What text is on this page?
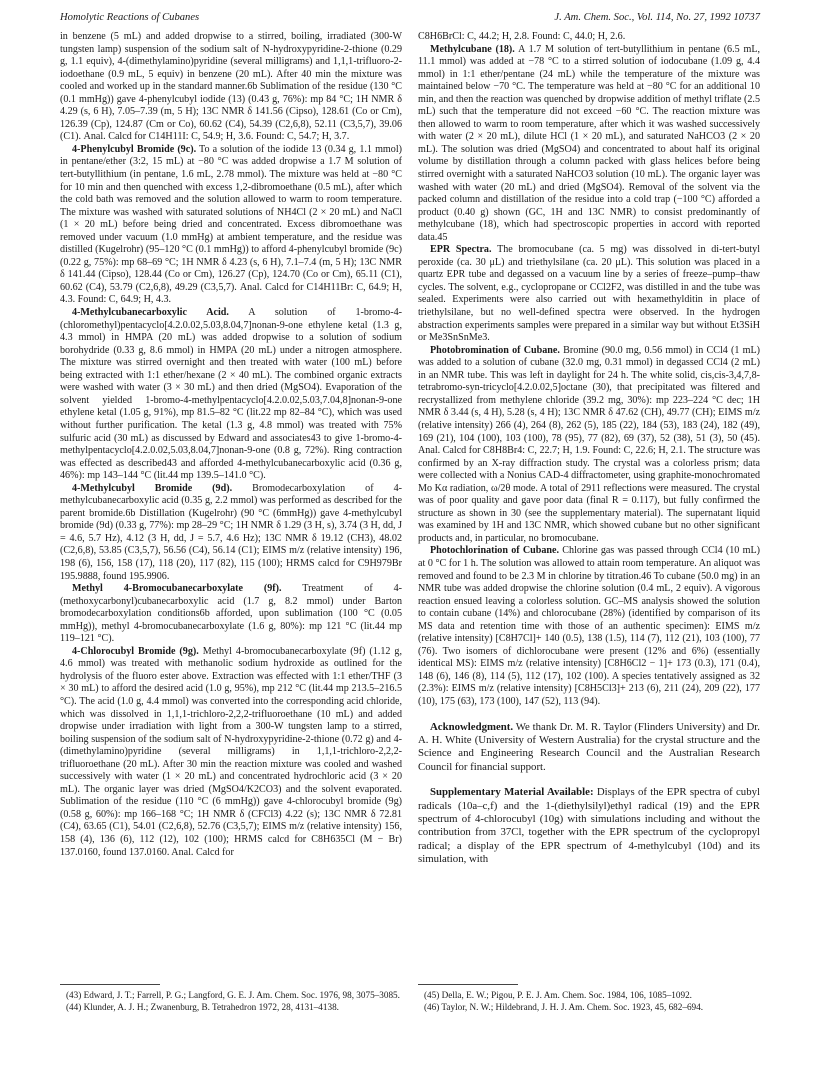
Homolytic Reactions of Cubanes	J. Am. Chem. Soc., Vol. 114, No. 27, 1992 10737

in benzene (5 mL) and added dropwise to a stirred, boiling, irradiated (300-W tungsten lamp) suspension of the sodium salt of N-hydroxypyridine-2-thione (0.29 g, 1.1 equiv), 4-(dimethylamino)pyridine (several milligrams) and 1,1,1-trifluoro-2-iodoethane (0.9 mL, 5 equiv) in benzene (20 mL). After 40 min the mixture was cooled and worked up in the standard manner.6b Sublimation of the residue (130 °C (0.1 mmHg)) gave 4-phenylcubyl iodide (13) (0.43 g, 76%): mp 84 °C; 1H NMR δ 4.29 (s, 6 H), 7.05–7.39 (m, 5 H); 13C NMR δ 141.56 (Cipso), 128.61 (Co or Cm), 126.39 (Cp), 124.87 (Cm or Co), 60.62 (C4), 54.39 (C2,6,8), 52.11 (C3,5,7), 39.06 (C1). Anal. Calcd for C14H11I: C, 54.9; H, 3.6. Found: C, 54.7; H, 3.7.

4-Phenylcubyl Bromide (9c). To a solution of the iodide 13 (0.34 g, 1.1 mmol) in pentane/ether (3:2, 15 mL) at −80 °C was added dropwise a 1.7 M solution of tert-butyllithium (in pentane, 1.6 mL, 2.78 mmol). The mixture was held at −80 °C for 10 min and then quenched with excess 1,2-dibromoethane (0.5 mL), after which the cold bath was removed and the solution allowed to warm to room temperature. The mixture was washed with saturated solutions of NH4Cl (2 × 20 mL) and NaCl (1 × 20 mL) before being dried and concentrated. Excess dibromoethane was removed under vacuum (1.0 mmHg) at ambient temperature, and the residue was distilled (Kugelrohr) (95–120 °C (0.1 mmHg)) to afford 4-phenylcubyl bromide (9c) (0.22 g, 75%): mp 68–69 °C; 1H NMR δ 4.23 (s, 6 H), 7.1–7.4 (m, 5 H); 13C NMR δ 141.44 (Cipso), 128.44 (Co or Cm), 126.27 (Cp), 124.70 (Co or Cm), 65.11 (C1), 60.62 (C4), 53.79 (C2,6,8), 49.29 (C3,5,7). Anal. Calcd for C14H11Br: C, 64.9; H, 4.3. Found: C, 64.9; H, 4.3.

4-Methylcubanecarboxylic Acid. A solution of 1-bromo-4-(chloromethyl)pentacyclo[4.2.0.02,5.03,8.04,7]nonan-9-one ethylene ketal (1.3 g, 4.3 mmol) in HMPA (20 mL) was added dropwise to a solution of sodium borohydride (0.33 g, 8.6 mmol) in HMPA (20 mL) under a nitrogen atmosphere. The mixture was stirred overnight and then treated with water (100 mL) before being extracted with 1:1 ether/hexane (2 × 40 mL). The combined organic extracts were washed with water (3 × 30 mL) and then dried (MgSO4). Evaporation of the solvent yielded 1-bromo-4-methylpentacyclo[4.2.0.02,5.03,7.04,8]nonan-9-one ethylene ketal (1.05 g, 91%), mp 81.5–82 °C (lit.22 mp 82–84 °C), which was used without further purification. The ketal (1.3 g, 4.8 mmol) was treated with 75% sulfuric acid (30 mL) as discussed by Edward and associates43 to give 1-bromo-4-methylpentacyclo[4.2.0.02,5.03,8.04,7]nonan-9-one (0.8 g, 72%). Ring contraction was effected as described43 and afforded 4-methylcubanecarboxylic acid (0.36 g, 46%): mp 143–144 °C (lit.44 mp 139.5–141.0 °C).

4-Methylcubyl Bromide (9d). Bromodecarboxylation of 4-methylcubanecarboxylic acid (0.35 g, 2.2 mmol) was performed as described for the parent bromide.6b Distillation (Kugelrohr) (90 °C (6mmHg)) gave 4-methylcubyl bromide (9d) (0.33 g, 77%): mp 28–29 °C; 1H NMR δ 1.29 (3 H, s), 3.74 (3 H, dd, J = 4.6, 5.7 Hz), 4.12 (3 H, dd, J = 5.7, 4.6 Hz); 13C NMR δ 19.12 (CH3), 48.02 (C2,6,8), 53.85 (C3,5,7), 56.56 (C4), 56.14 (C1); EIMS m/z (relative intensity) 196, 198 (6), 156, 158 (17), 118 (20), 117 (82), 115 (100); HRMS calcd for C9H979Br 195.9888, found 195.9906.

Methyl 4-Bromocubanecarboxylate (9f). Treatment of 4-(methoxycarbonyl)cubanecarboxylic acid (1.7 g, 8.2 mmol) under Barton bromodecarboxylation conditions6b afforded, upon sublimation (100 °C (0.05 mmHg)), methyl 4-bromocubanecarboxylate (1.6 g, 80%): mp 121 °C (lit.44 mp 119–121 °C).

4-Chlorocubyl Bromide (9g). Methyl 4-bromocubanecarboxylate (9f) (1.12 g, 4.6 mmol) was treated with methanolic sodium hydroxide as outlined for the hydrolysis of the fluoro ester above. Extraction was effected with 1:1 ether/THF (3 × 30 mL) to afford the desired acid (1.0 g, 95%), mp 212 °C (lit.44 mp 213.5–216.5 °C). The acid (1.0 g, 4.4 mmol) was converted into the corresponding acid chloride, which was dissolved in 1,1,1-trichloro-2,2,2-trifluoroethane (10 mL) and added dropwise under irradiation with light from a 300-W tungsten lamp to a stirred, boiling suspension of the sodium salt of N-hydroxypyridine-2-thione (0.72 g) and 4-(dimethylamino)pyridine (several milligrams) in 1,1,1-trichloro-2,2,2-trifluoroethane (20 mL). After 30 min the reaction mixture was cooled and washed successively with water (1 × 20 mL) and concentrated hydrochloric acid (3 × 20 mL). The organic layer was dried (MgSO4/K2CO3) and the solvent evaporated. Sublimation of the residue (110 °C (6 mmHg)) gave 4-chlorocubyl bromide (9g) (0.58 g, 60%): mp 166–168 °C; 1H NMR δ (CFCl3) 4.22 (s); 13C NMR δ 72.81 (C4), 63.65 (C1), 54.01 (C2,6,8), 52.76 (C3,5,7); EIMS m/z (relative intensity) 156, 158 (4), 136 (6), 112 (12), 102 (100); HRMS calcd for C8H635Cl (M − Br) 137.0160, found 137.0160. Anal. Calcd for

C8H6BrCl: C, 44.2; H, 2.8. Found: C, 44.0; H, 2.6.

Methylcubane (18). A 1.7 M solution of tert-butyllithium in pentane (6.5 mL, 11.1 mmol) was added at −78 °C to a stirred solution of iodocubane (1.09 g, 4.4 mmol) in 1:1 ether/pentane (24 mL) while the temperature of the mixture was maintained below −70 °C. The temperature was held at −80 °C for an additional 10 min, and then the reaction was quenched by dropwise addition of methyl triflate (2.5 mL) such that the temperature did not exceed −60 °C. The reaction mixture was then allowed to warm to room temperature, after which it was washed successively with water (2 × 20 mL), dilute HCl (1 × 20 mL), and saturated NaHCO3 (2 × 20 mL). The solution was dried (MgSO4) and concentrated to about half its original volume by distillation through a column packed with glass helices before being stirred overnight with a saturated NaHCO3 solution (10 mL). The organic layer was washed with water (20 mL) and dried (MgSO4). Removal of the solvent via the packed column and distillation of the residue into a cold trap (−100 °C) afforded a product (0.40 g) shown (GC, 1H and 13C NMR) to consist predominantly of methylcubane (18), which had spectroscopic properties in accord with reported data.45

EPR Spectra. The bromocubane (ca. 5 mg) was dissolved in di-tert-butyl peroxide (ca. 30 μL) and triethylsilane (ca. 20 μL). This solution was placed in a quartz EPR tube and degassed on a vacuum line by a series of freeze–pump–thaw cycles. The solvent, e.g., cyclopropane or CCl2F2, was distilled in and the tube was sealed. Experiments were also carried out with hexamethylditin in place of triethylsilane, but no well-defined spectra were observed. In the hydrogen abstraction experiments samples were prepared in a similar way but without Et3SiH or Me3SnSnMe3.

Photobromination of Cubane. Bromine (90.0 mg, 0.56 mmol) in CCl4 (1 mL) was added to a solution of cubane (32.0 mg, 0.31 mmol) in degassed CCl4 (2 mL) in an NMR tube. This was left in daylight for 24 h. The white solid, cis,cis-3,4,7,8-tetrabromo-syn-tricyclo[4.2.0.02,5]octane (30), that precipitated was filtered and recrystallized from methylene chloride (39.2 mg, 30%): mp 223–224 °C dec; 1H NMR δ 3.44 (s, 4 H), 5.28 (s, 4 H); 13C NMR δ 47.62 (CH), 49.77 (CH); EIMS m/z (relative intensity) 266 (4), 264 (8), 262 (5), 185 (22), 184 (53), 183 (24), 182 (49), 169 (21), 104 (100), 103 (100), 78 (95), 77 (82), 69 (37), 52 (38), 51 (3), 50 (45). Anal. Calcd for C8H8Br4: C, 22.7; H, 1.9. Found: C, 22.6; H, 2.1. The structure was confirmed by an X-ray diffraction study. The crystal was a colorless prism; data were collected with a Nonius CAD-4 diffractometer, using graphite-monochromated Mo Kα radiation, ω/2θ mode. A total of 2911 reflections were measured. The crystal was of poor quality and gave poor data (final R = 0.117), but fully confirmed the structure as shown in 30 (see the supplementary material). The supernatant liquid was examined by 1H and 13C NMR, which showed cubane but no other significant products and, in particular, no bromocubane.

Photochlorination of Cubane. Chlorine gas was passed through CCl4 (10 mL) at 0 °C for 1 h. The solution was allowed to attain room temperature. An aliquot was removed and found to be 2.3 M in chlorine by titration.46 To cubane (50.0 mg) in an NMR tube was added dropwise the chlorine solution (0.4 mL, 2 equiv). A vigorous reaction ensued leaving a colorless solution. GC–MS analysis showed the solution to contain cubane (14%) and chlorocubane (28%) (identified by comparison of its MS data and retention time with those of an authentic specimen): EIMS m/z (relative intensity) [C8H7Cl]+ 140 (0.5), 138 (1.5), 114 (7), 112 (21), 103 (100), 77 (76). Two isomers of dichlorocubane were present (12% and 6%) (essentially identical MS): EIMS m/z (relative intensity) [C8H6Cl2 − 1]+ 173 (0.3), 171 (0.4), 148 (6), 146 (8), 114 (5), 112 (17), 102 (100). A species tentatively assigned as 32 (2.3%): EIMS m/z (relative intensity) [C8H5Cl3]+ 213 (6), 211 (24), 209 (22), 177 (10), 175 (63), 173 (100), 147 (52), 113 (94).

Acknowledgment. We thank Dr. M. R. Taylor (Flinders University) and Dr. A. H. White (University of Western Australia) for the crystal structure and the Science and Engineering Research Council and the Australian Research Council for financial support.

Supplementary Material Available: Displays of the EPR spectra of cubyl radicals (10a–c,f) and the 1-(diethylsilyl)ethyl radical (19) and the EPR spectrum of 4-chlorocubyl (10g) with simulations including and without the contribution from 37Cl, together with the EPR spectrum of the cyclopropyl radical; a display of the EPR spectrum of 4-methylcubyl (10d) and its simulation, with

(43) Edward, J. T.; Farrell, P. G.; Langford, G. E. J. Am. Chem. Soc. 1976, 98, 3075–3085.

(44) Klunder, A. J. H.; Zwanenburg, B. Tetrahedron 1972, 28, 4131–4138.

(45) Della, E. W.; Pigou, P. E. J. Am. Chem. Soc. 1984, 106, 1085–1092.

(46) Taylor, N. W.; Hildebrand, J. H. J. Am. Chem. Soc. 1923, 45, 682–694.
